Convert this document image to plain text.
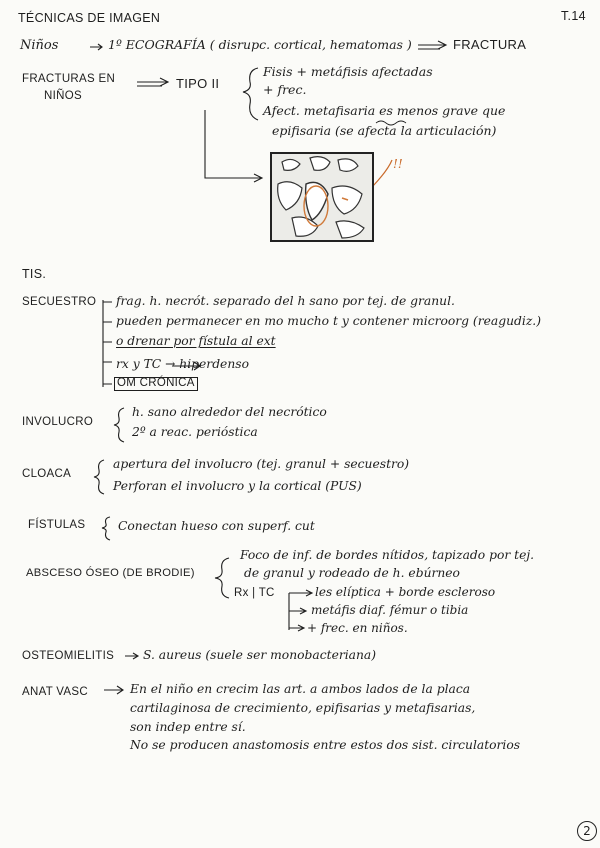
TÉCNICAS DE IMAGEN	T.14
Niños	1º ECOGRAFÍA ( disrupc. cortical, hematomas )	FRACTURA
FRACTURAS EN
NIÑOS
TIPO II
Fisis + metáfisis afectadas
+ frec.
Afect. metafisaria es menos grave que
epifisaria (se afecta la articulación)
!!
TIS.
SECUESTRO frag. h. necrót. separado del h sano por tej. de granul.
pueden permanecer en mo mucho t y contener microorg (reagudiz.)
o drenar por fístula al ext
rx y TC → hiperdenso
OM CRÓNICA
INVOLUCRO
h. sano alrededor del necrótico
2º a reac. perióstica
CLOACA
apertura del involucro (tej. granul + secuestro)
Perforan el involucro y la cortical (PUS)
FÍSTULAS	Conectan hueso con superf. cut
ABSCESO ÓSEO (DE BRODIE)
Foco de inf. de bordes nítidos, tapizado por tej.
de granul y rodeado de h. ebúrneo
Rx | TC	les elíptica + borde escleroso
metáfis diaf. fémur o tibia
+ frec. en niños.
OSTEOMIELITIS S. aureus (suele ser monobacteriana)
ANAT VASC	En el niño en crecim las art. a ambos lados de la placa
cartilaginosa de crecimiento, epifisarias y metafisarias,
son indep entre sí.
No se producen anastomosis entre estos dos sist. circulatorios
2
